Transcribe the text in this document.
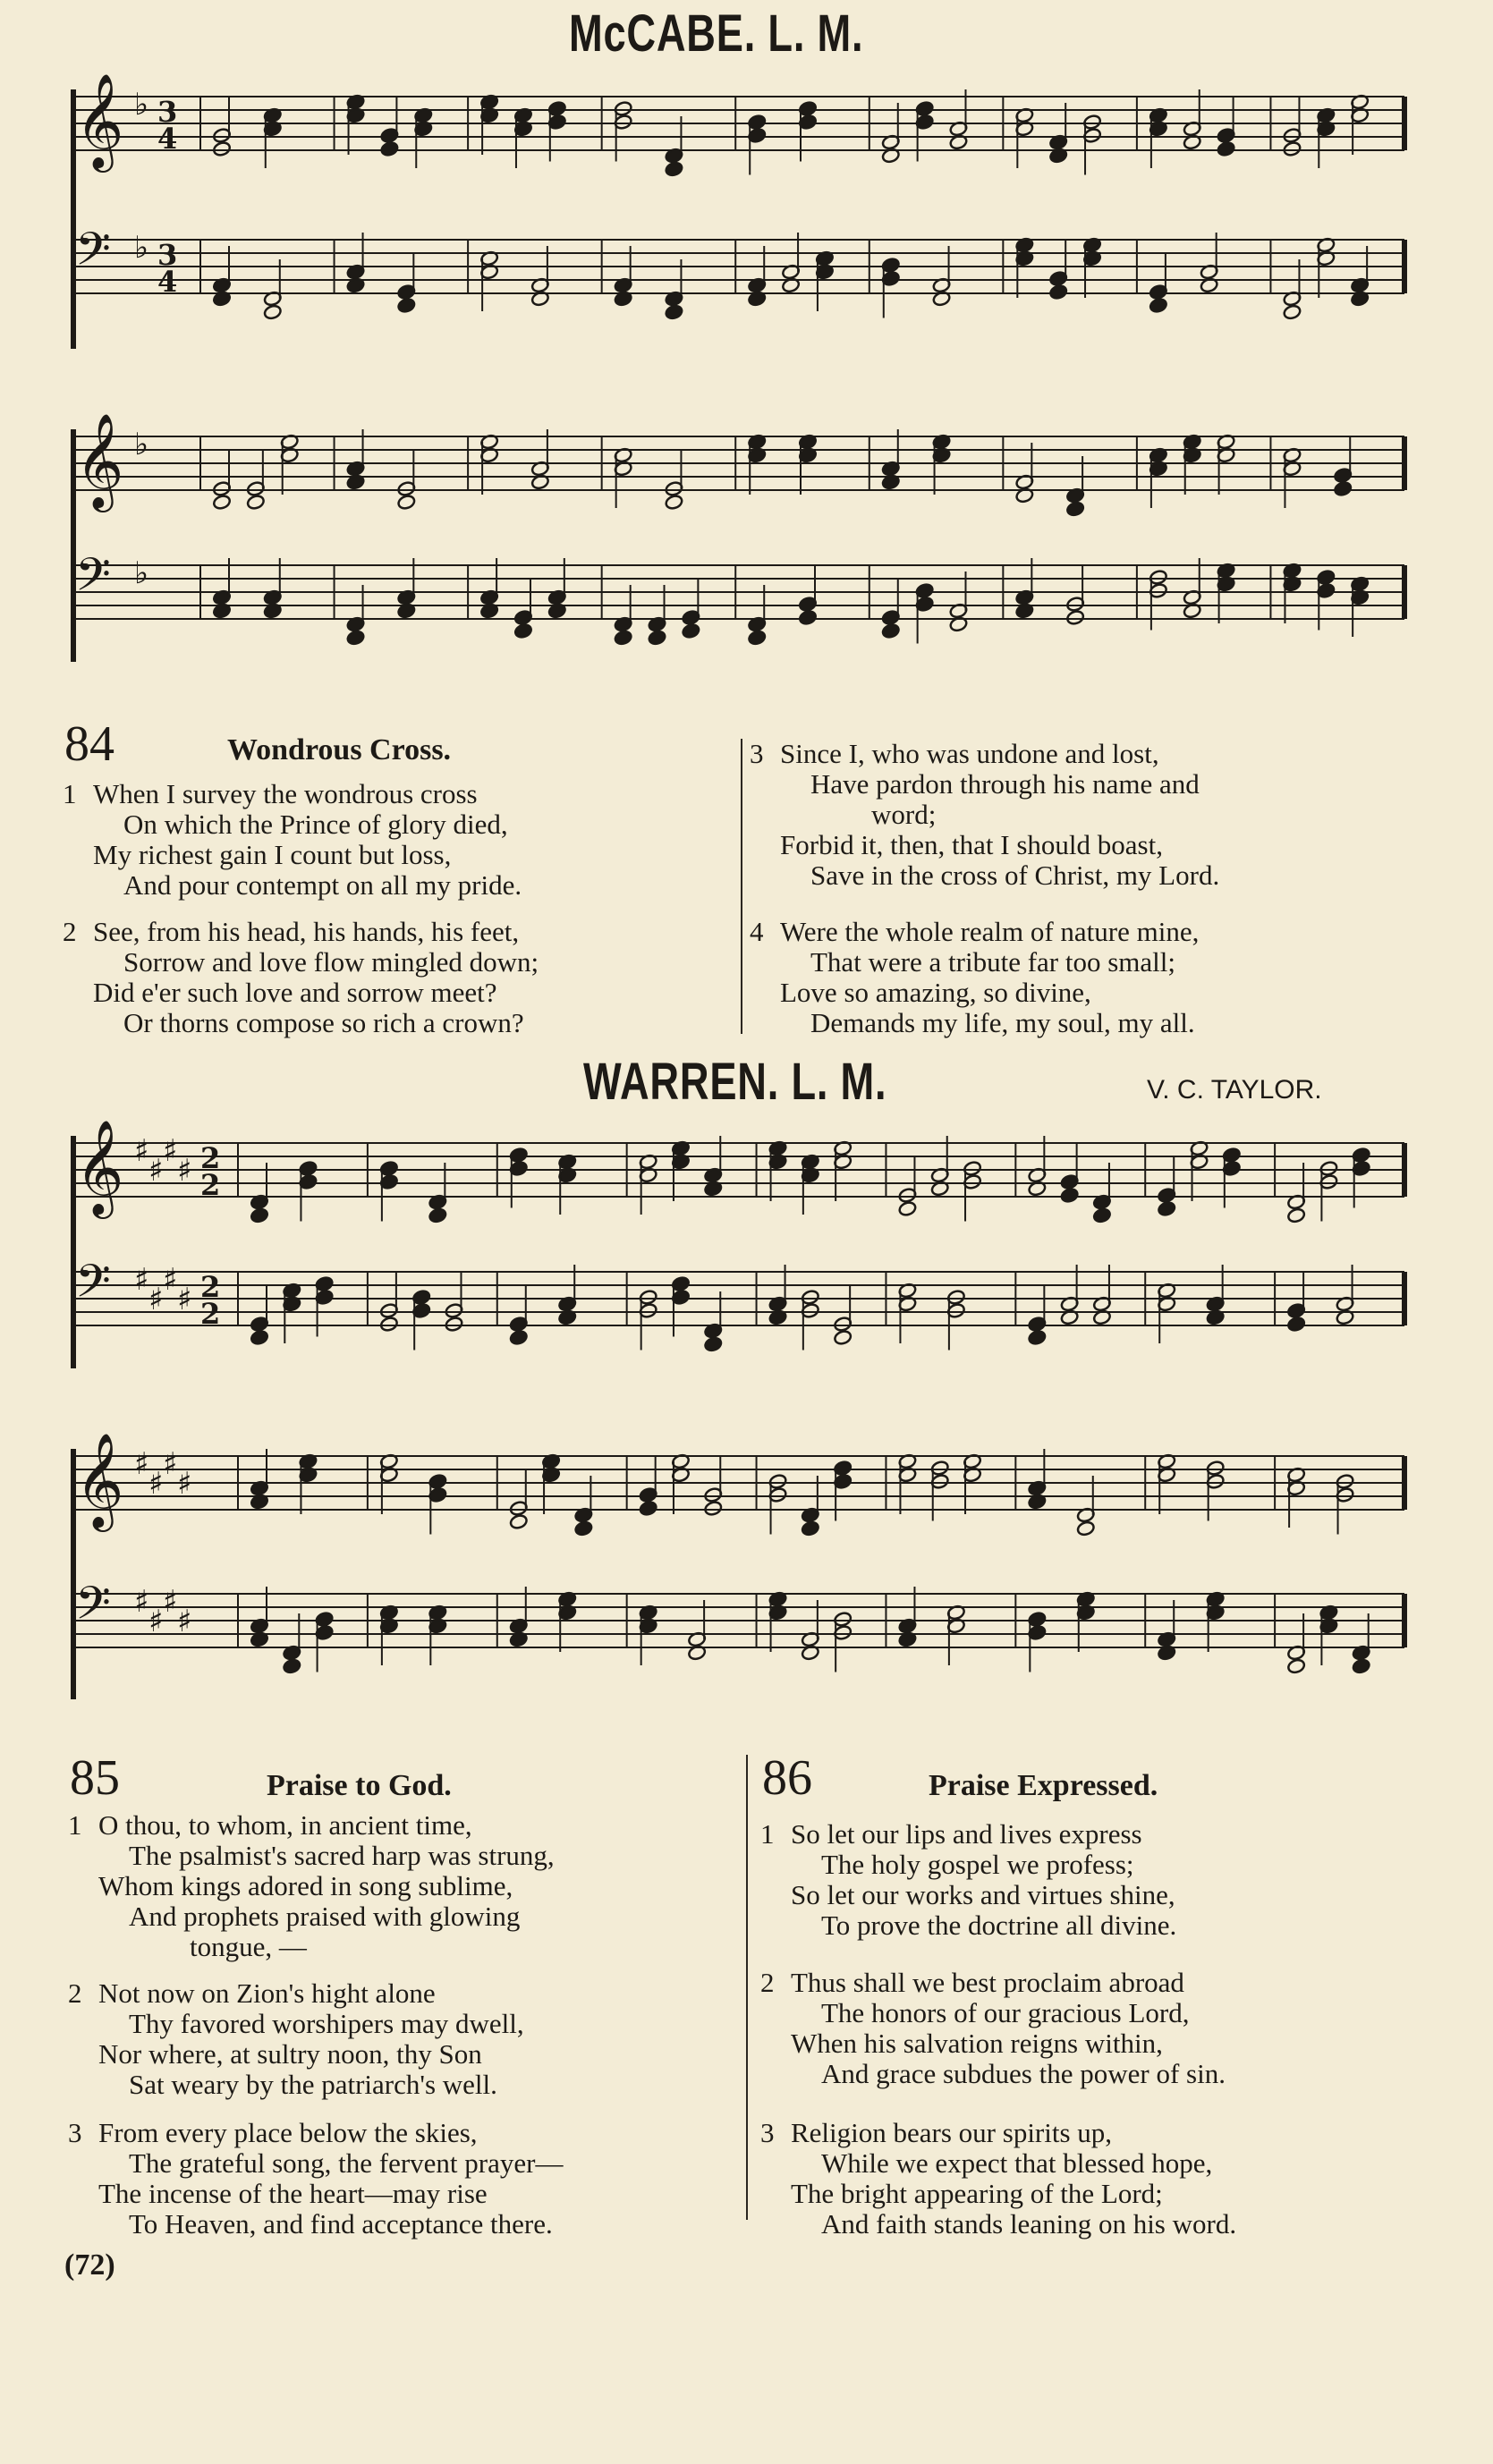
McCABE. L. M.
𝄞 ♭ 3
4
𝄢 ♭ 3
4
𝄞 ♭
𝄢 ♭
84	Wondrous Cross.
1 When I survey the wondrous cross
On which the Prince of glory died,
My richest gain I count but loss,
And pour contempt on all my pride.
2 See, from his head, his hands, his feet,
Sorrow and love flow mingled down;
Did e'er such love and sorrow meet?
Or thorns compose so rich a crown?
3 Since I, who was undone and lost,
Have pardon through his name and
word;
Forbid it, then, that I should boast,
Save in the cross of Christ, my Lord.
4 Were the whole realm of nature mine,
That were a tribute far too small;
Love so amazing, so divine,
Demands my life, my soul, my all.
WARREN. L. M.	V. C. TAYLOR.
𝄞 ♯
♯
♯
♯ 2
2
𝄢 ♯
♯
♯
♯ 2
2
𝄞 ♯
♯
♯
♯
𝄢 ♯
♯
♯
♯
85	Praise to God.
1 O thou, to whom, in ancient time,
The psalmist's sacred harp was strung,
Whom kings adored in song sublime,
And prophets praised with glowing
tongue, —
2 Not now on Zion's hight alone
Thy favored worshipers may dwell,
Nor where, at sultry noon, thy Son
Sat weary by the patriarch's well.
3 From every place below the skies,
The grateful song, the fervent prayer—
The incense of the heart—may rise
To Heaven, and find acceptance there.
86	Praise Expressed.
1 So let our lips and lives express
The holy gospel we profess;
So let our works and virtues shine,
To prove the doctrine all divine.
2 Thus shall we best proclaim abroad
The honors of our gracious Lord,
When his salvation reigns within,
And grace subdues the power of sin.
3 Religion bears our spirits up,
While we expect that blessed hope,
The bright appearing of the Lord;
And faith stands leaning on his word.
(72)
